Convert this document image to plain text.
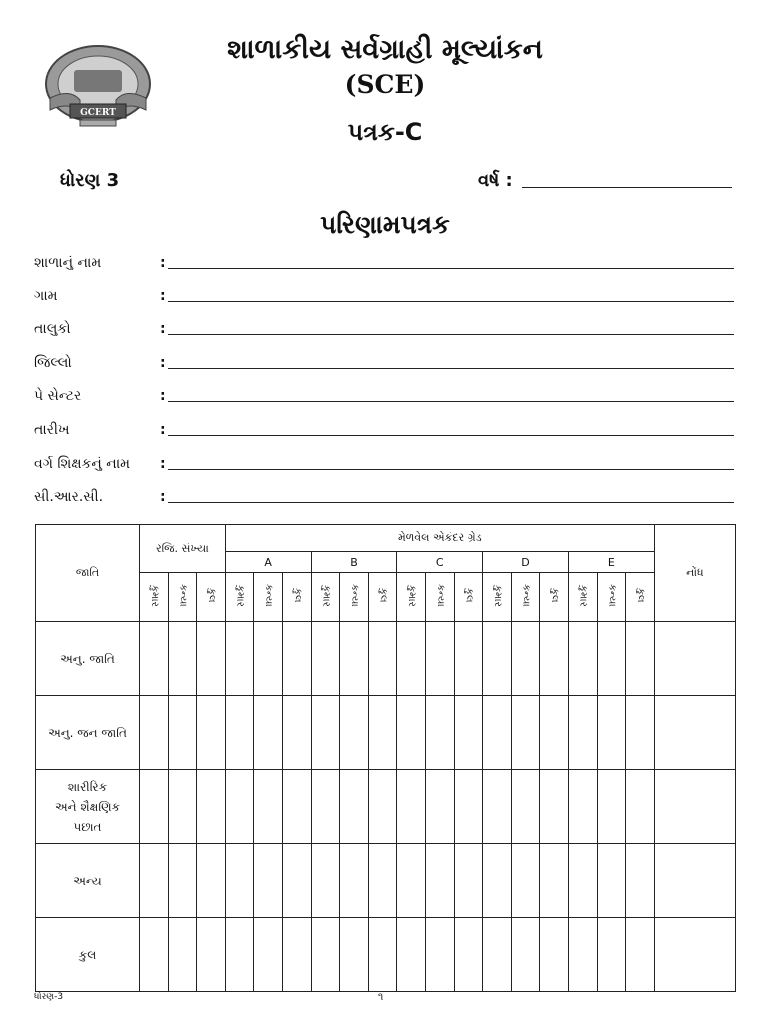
GCERT
શાળાકીય સર્વગ્રાહી મૂલ્યાંકન
(SCE)
પત્રક-C
ધોરણ 3	વર્ષ :
પરિણામપત્રક
શાળાનું નામ	:
ગામ	:
તાલુકો	:
જિલ્લો	:
પે સેન્ટર	:
તારીખ	:
વર્ગ શિક્ષકનું નામ :
સી.આર.સી.	:
જાતિ	રજિ. સંખ્યા			મેળવેલ એકંદર ગ્રેડ															નોંધ
				A			B			C			D			E			
	કુમાર	કન્યા	કુલ	કુમાર	કન્યા	કુલ	કુમાર	કન્યા	કુલ	કુમાર	કન્યા	કુલ	કુમાર	કન્યા	કુલ	કુમાર	કન્યા	કુલ	

અનુ. જાતિ																			

અનુ. જન જાતિ																			

શારીરિક
અને શૈક્ષણિક
પછાત																			

અન્ય																			

કુલ																			

ધોરણ-3	૧
